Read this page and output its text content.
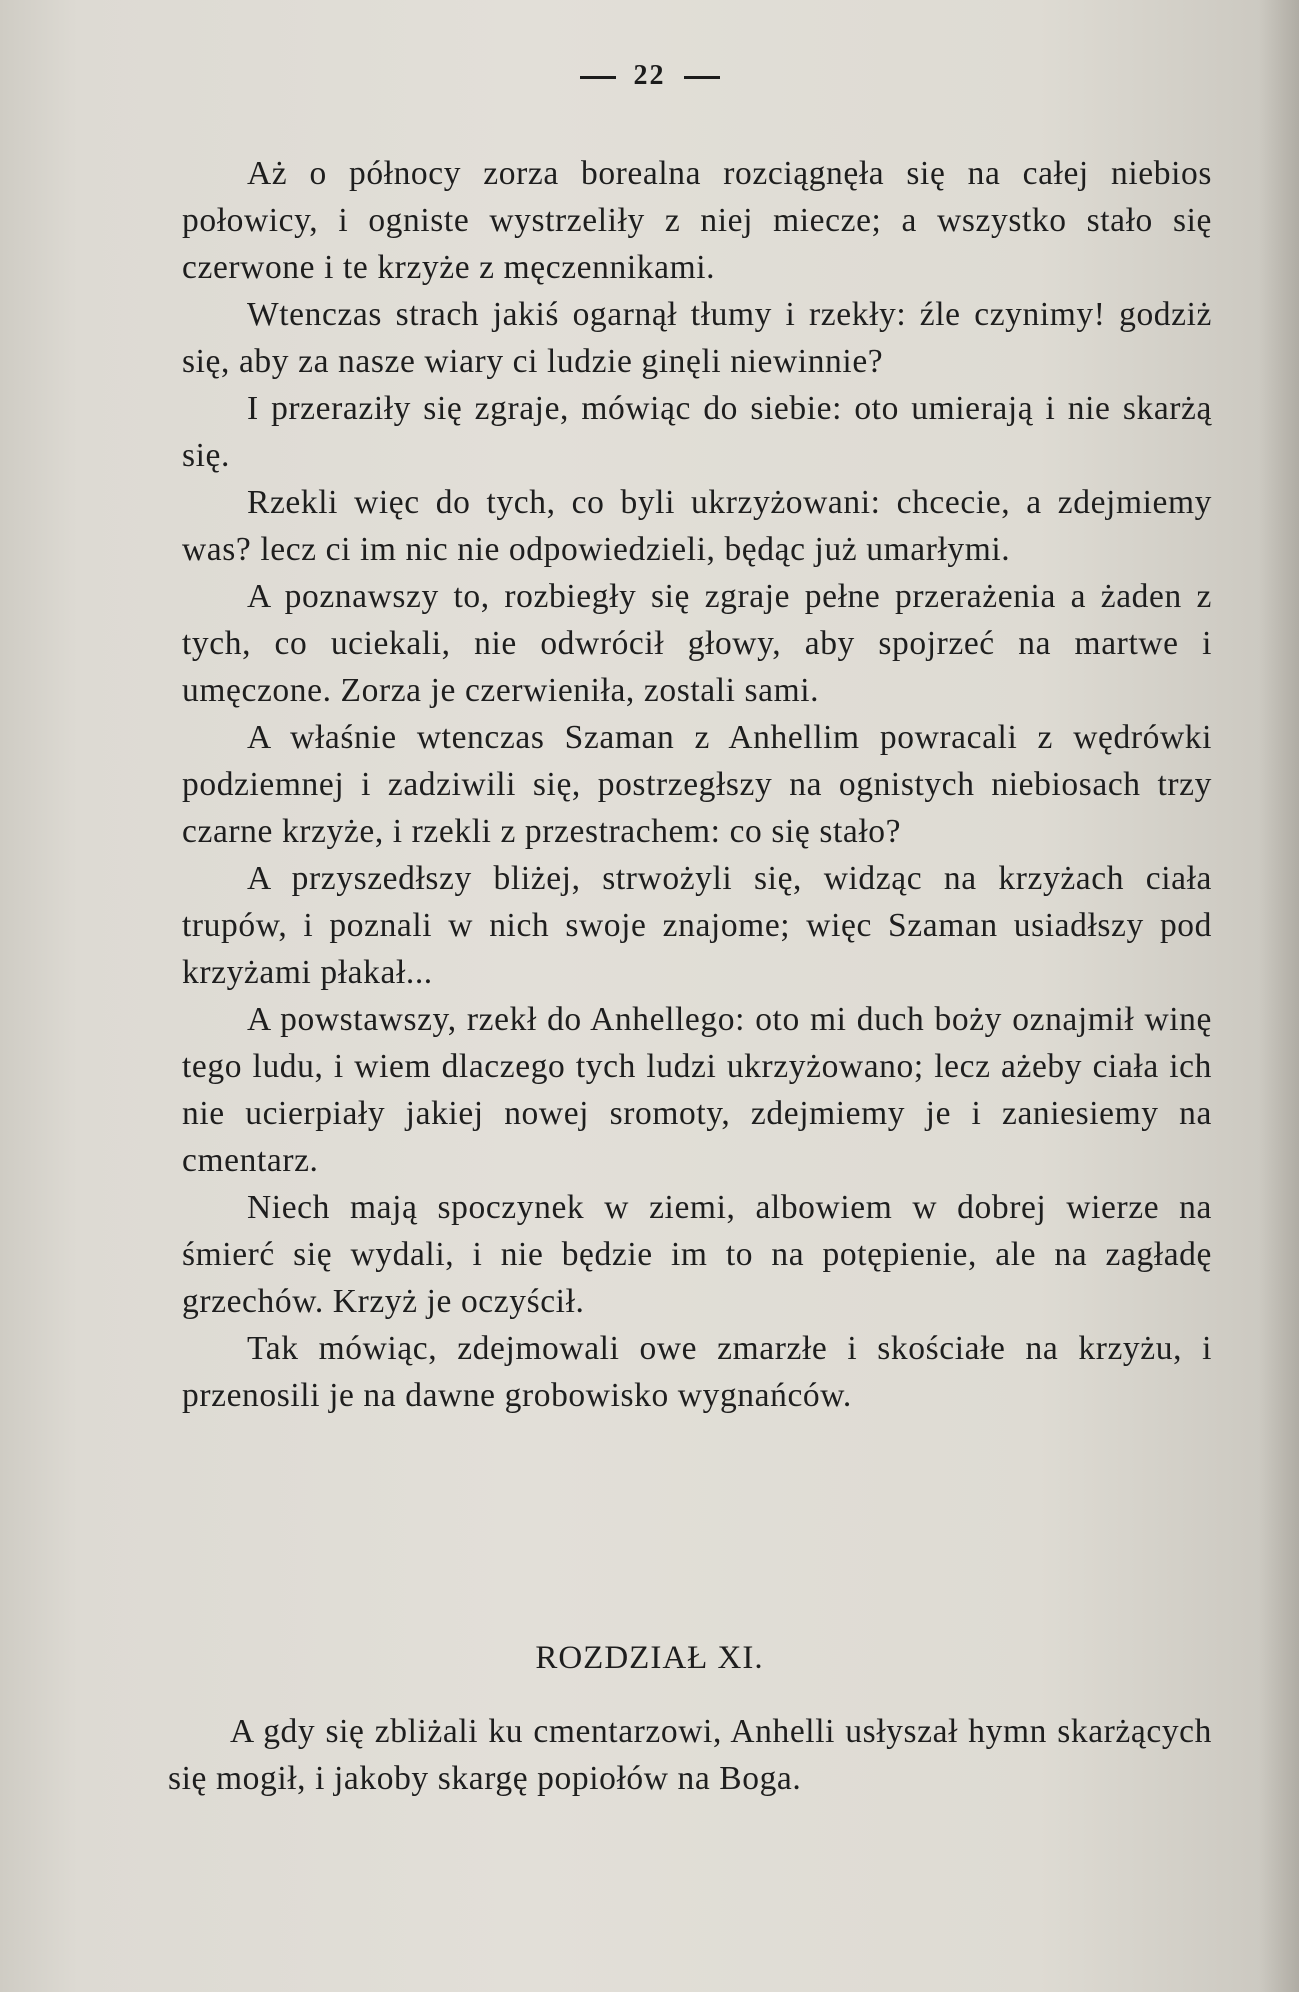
22

Aż o północy zorza borealna rozciągnęła się na całej niebios połowicy, i ogniste wystrzeliły z niej miecze; a wszystko stało się czerwone i te krzyże z męczennikami.

Wtenczas strach jakiś ogarnął tłumy i rzekły: źle czynimy! godziż się, aby za nasze wiary ci ludzie ginęli niewinnie?

I przeraziły się zgraje, mówiąc do siebie: oto umierają i nie skarżą się.

Rzekli więc do tych, co byli ukrzyżowani: chcecie, a zdejmiemy was? lecz ci im nic nie odpowiedzieli, będąc już umarłymi.

A poznawszy to, rozbiegły się zgraje pełne przerażenia a żaden z tych, co uciekali, nie odwrócił głowy, aby spojrzeć na martwe i umęczone. Zorza je czerwieniła, zostali sami.

A właśnie wtenczas Szaman z Anhellim powracali z wędrówki podziemnej i zadziwili się, postrzegłszy na ognistych niebiosach trzy czarne krzyże, i rzekli z przestrachem: co się stało?

A przyszedłszy bliżej, strwożyli się, widząc na krzyżach ciała trupów, i poznali w nich swoje znajome; więc Szaman usiadłszy pod krzyżami płakał...

A powstawszy, rzekł do Anhellego: oto mi duch boży oznajmił winę tego ludu, i wiem dlaczego tych ludzi ukrzyżowano; lecz ażeby ciała ich nie ucierpiały jakiej nowej sromoty, zdejmiemy je i zaniesiemy na cmentarz.

Niech mają spoczynek w ziemi, albowiem w dobrej wierze na śmierć się wydali, i nie będzie im to na potępienie, ale na zagładę grzechów. Krzyż je oczyścił.

Tak mówiąc, zdejmowali owe zmarzłe i skościałe na krzyżu, i przenosili je na dawne grobowisko wygnańców.

ROZDZIAŁ XI.

A gdy się zbliżali ku cmentarzowi, Anhelli usłyszał hymn skarżących się mogił, i jakoby skargę popiołów na Boga.
